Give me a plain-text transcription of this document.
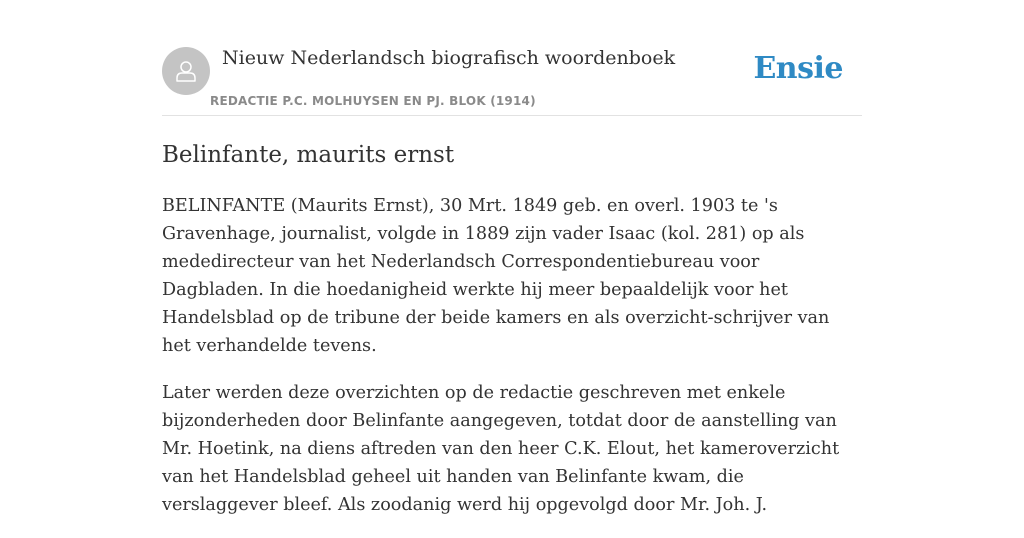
Nieuw Nederlandsch biografisch woordenboek
REDACTIE P.C. MOLHUYSEN EN PJ. BLOK (1914)
Ensie
Belinfante, maurits ernst

BELINFANTE (Maurits Ernst), 30 Mrt. 1849 geb. en overl. 1903 te 's Gravenhage, journalist, volgde in 1889 zijn vader Isaac (kol. 281) op als mededirecteur van het Nederlandsch Correspondentiebureau voor Dagbladen. In die hoedanigheid werkte hij meer bepaaldelijk voor het Handelsblad op de tribune der beide kamers en als overzicht-schrijver van het verhandelde tevens.

Later werden deze overzichten op de redactie geschreven met enkele bijzonderheden door Belinfante aangegeven, totdat door de aanstelling van Mr. Hoetink, na diens aftreden van den heer C.K. Elout, het kameroverzicht van het Handelsblad geheel uit handen van Belinfante kwam, die verslaggever bleef. Als zoodanig werd hij opgevolgd door Mr. Joh. J.
